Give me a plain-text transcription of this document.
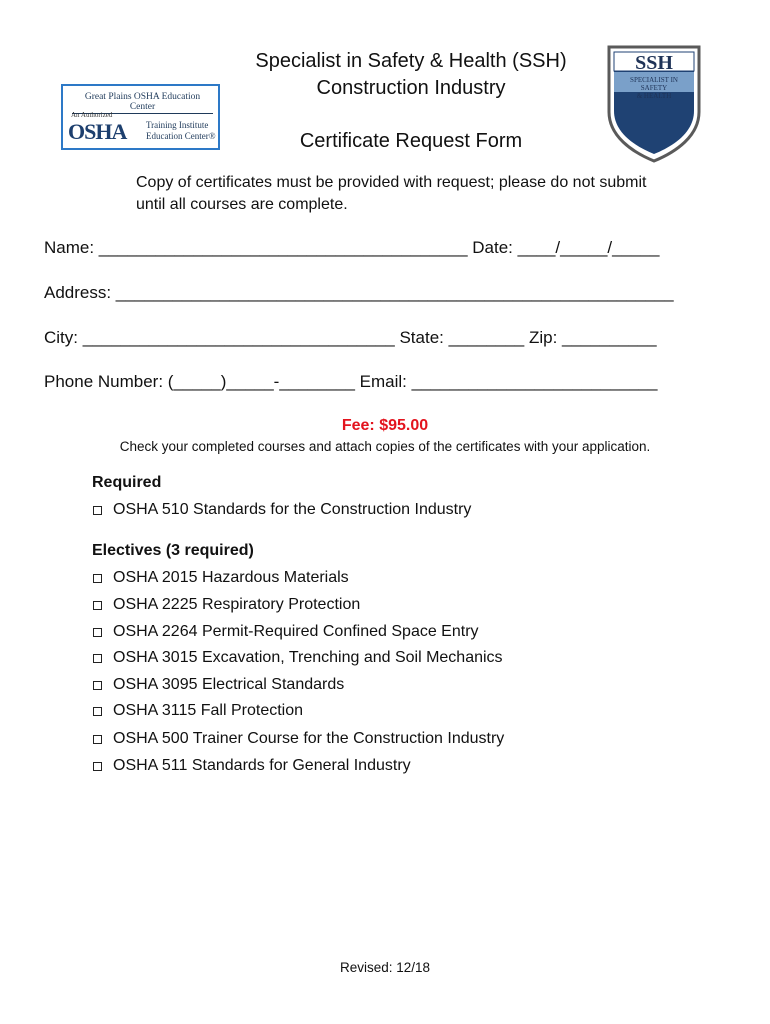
Great Plains OSHA Education Center
An Authorized
OSHA Training Institute
Education Center®
Specialist in Safety & Health (SSH)
Construction Industry
Certificate Request Form
SSH
SPECIALIST IN
SAFETY
& HEALTH
Copy of certificates must be provided with request; please do not submit until all courses are complete.
Name: _______________________________________ Date: ____/_____/_____
Address: ___________________________________________________________
City: _________________________________ State: ________ Zip: __________
Phone Number: (_____)_____-________ Email: __________________________
Fee: $95.00
Check your completed courses and attach copies of the certificates with your application.
Required
OSHA 510 Standards for the Construction Industry
Electives (3 required)
OSHA 2015 Hazardous Materials
OSHA 2225 Respiratory Protection
OSHA 2264 Permit-Required Confined Space Entry
OSHA 3015 Excavation, Trenching and Soil Mechanics
OSHA 3095 Electrical Standards
OSHA 3115 Fall Protection
OSHA 500 Trainer Course for the Construction Industry
OSHA 511 Standards for General Industry
Revised: 12/18
